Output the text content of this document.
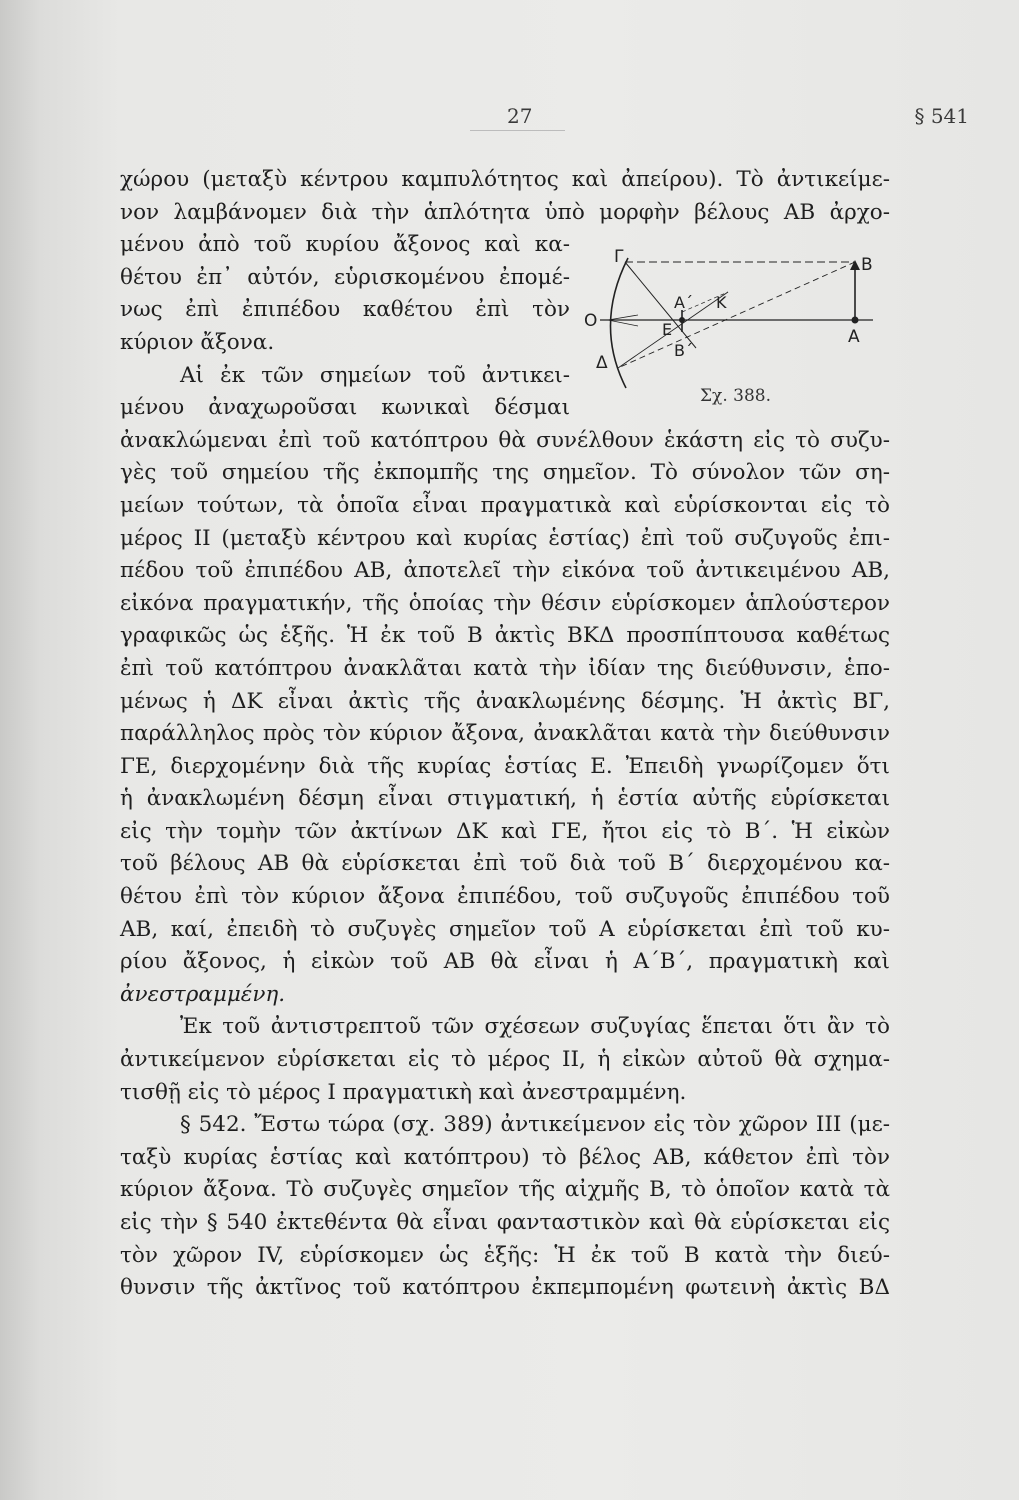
27	§ 541
Γ
O
Δ
B
A
Α΄ K
E
B΄
Σχ. 388.
χώρου (μεταξὺ κέντρου καμπυλότητος καὶ ἀπείρου). Τὸ ἀντικείμε-
νον λαμβάνομεν διὰ τὴν ἁπλότητα ὑπὸ μορφὴν βέλους ΑΒ ἀρχο-
μένου ἀπὸ τοῦ κυρίου ἄξονος καὶ κα-
θέτου ἐπ᾽ αὐτόν, εὑρισκομένου ἐπομέ-
νως ἐπὶ ἐπιπέδου καθέτου ἐπὶ τὸν
κύριον ἄξονα.
Αἱ ἐκ τῶν σημείων τοῦ ἀντικει-
μένου ἀναχωροῦσαι κωνικαὶ δέσμαι
ἀνακλώμεναι ἐπὶ τοῦ κατόπτρου θὰ συνέλθουν ἑκάστη εἰς τὸ συζυ-
γὲς τοῦ σημείου τῆς ἐκπομπῆς της σημεῖον. Τὸ σύνολον τῶν ση-
μείων τούτων, τὰ ὁποῖα εἶναι πραγματικὰ καὶ εὑρίσκονται εἰς τὸ
μέρος ΙΙ (μεταξὺ κέντρου καὶ κυρίας ἑστίας) ἐπὶ τοῦ συζυγοῦς ἐπι-
πέδου τοῦ ἐπιπέδου ΑΒ, ἀποτελεῖ τὴν εἰκόνα τοῦ ἀντικειμένου ΑΒ,
εἰκόνα πραγματικήν, τῆς ὁποίας τὴν θέσιν εὑρίσκομεν ἁπλούστερον
γραφικῶς ὡς ἑξῆς. Ἡ ἐκ τοῦ Β ἀκτὶς ΒΚΔ προσπίπτουσα καθέτως
ἐπὶ τοῦ κατόπτρου ἀνακλᾶται κατὰ τὴν ἰδίαν της διεύθυνσιν, ἑπο-
μένως ἡ ΔΚ εἶναι ἀκτὶς τῆς ἀνακλωμένης δέσμης. Ἡ ἀκτὶς ΒΓ,
παράλληλος πρὸς τὸν κύριον ἄξονα, ἀνακλᾶται κατὰ τὴν διεύθυνσιν
ΓΕ, διερχομένην διὰ τῆς κυρίας ἑστίας Ε. Ἐπειδὴ γνωρίζομεν ὅτι
ἡ ἀνακλωμένη δέσμη εἶναι στιγματική, ἡ ἑστία αὐτῆς εὑρίσκεται
εἰς τὴν τομὴν τῶν ἀκτίνων ΔΚ καὶ ΓΕ, ἤτοι εἰς τὸ Β΄. Ἡ εἰκὼν
τοῦ βέλους ΑΒ θὰ εὑρίσκεται ἐπὶ τοῦ διὰ τοῦ Β΄ διερχομένου κα-
θέτου ἐπὶ τὸν κύριον ἄξονα ἐπιπέδου, τοῦ συζυγοῦς ἐπιπέδου τοῦ
ΑΒ, καί, ἐπειδὴ τὸ συζυγὲς σημεῖον τοῦ Α εὑρίσκεται ἐπὶ τοῦ κυ-
ρίου ἄξονος, ἡ εἰκὼν τοῦ ΑΒ θὰ εἶναι ἡ Α΄Β΄, πραγματικὴ καὶ
ἀνεστραμμένη.
Ἐκ τοῦ ἀντιστρεπτοῦ τῶν σχέσεων συζυγίας ἕπεται ὅτι ἂν τὸ
ἀντικείμενον εὑρίσκεται εἰς τὸ μέρος ΙΙ, ἡ εἰκὼν αὐτοῦ θὰ σχημα-
τισθῇ εἰς τὸ μέρος Ι πραγματικὴ καὶ ἀνεστραμμένη.
§ 542. Ἔστω τώρα (σχ. 389) ἀντικείμενον εἰς τὸν χῶρον ΙΙΙ (με-
ταξὺ κυρίας ἑστίας καὶ κατόπτρου) τὸ βέλος ΑΒ, κάθετον ἐπὶ τὸν
κύριον ἄξονα. Τὸ συζυγὲς σημεῖον τῆς αἰχμῆς Β, τὸ ὁποῖον κατὰ τὰ
εἰς τὴν § 540 ἐκτεθέντα θὰ εἶναι φανταστικὸν καὶ θὰ εὑρίσκεται εἰς
τὸν χῶρον ΙV, εὑρίσκομεν ὡς ἑξῆς: Ἡ ἐκ τοῦ Β κατὰ τὴν διεύ-
θυνσιν τῆς ἀκτῖνος τοῦ κατόπτρου ἐκπεμπομένη φωτεινὴ ἀκτὶς ΒΔ
